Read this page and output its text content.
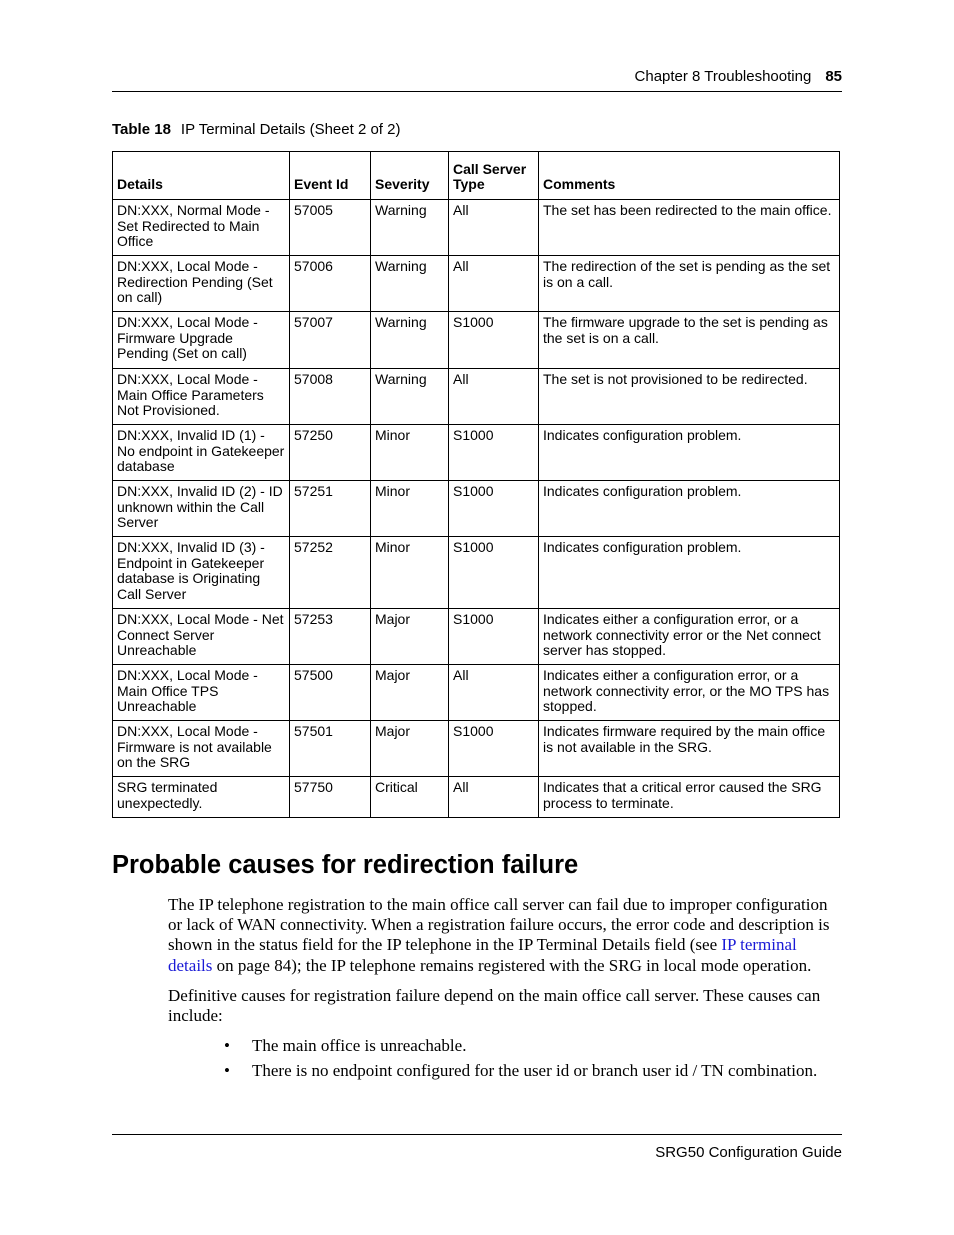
Chapter 8 Troubleshooting 85
Table 18 IP Terminal Details (Sheet 2 of 2)
Details	Event Id	Severity	Call Server Type	Comments
DN:XXX, Normal Mode - Set Redirected to Main Office	57005	Warning	All	The set has been redirected to the main office.
DN:XXX, Local Mode - Redirection Pending (Set on call)	57006	Warning	All	The redirection of the set is pending as the set is on a call.
DN:XXX, Local Mode - Firmware Upgrade Pending (Set on call)	57007	Warning	S1000	The firmware upgrade to the set is pending as the set is on a call.
DN:XXX, Local Mode - Main Office Parameters Not Provisioned.	57008	Warning	All	The set is not provisioned to be redirected.
DN:XXX, Invalid ID (1) - No endpoint in Gatekeeper database	57250	Minor	S1000	Indicates configuration problem.
DN:XXX, Invalid ID (2) - ID unknown within the Call Server	57251	Minor	S1000	Indicates configuration problem.
DN:XXX, Invalid ID (3) - Endpoint in Gatekeeper database is Originating Call Server	57252	Minor	S1000	Indicates configuration problem.
DN:XXX, Local Mode - Net Connect Server Unreachable	57253	Major	S1000	Indicates either a configuration error, or a network connectivity error or the Net connect server has stopped.
DN:XXX, Local Mode - Main Office TPS Unreachable	57500	Major	All	Indicates either a configuration error, or a network connectivity error, or the MO TPS has stopped.
DN:XXX, Local Mode - Firmware is not available on the SRG	57501	Major	S1000	Indicates firmware required by the main office is not available in the SRG.
SRG terminated unexpectedly.	57750	Critical	All	Indicates that a critical error caused the SRG process to terminate.
Probable causes for redirection failure

The IP telephone registration to the main office call server can fail due to improper configuration or lack of WAN connectivity. When a registration failure occurs, the error code and description is shown in the status field for the IP telephone in the IP Terminal Details field (see IP terminal details on page 84); the IP telephone remains registered with the SRG in local mode operation.

Definitive causes for registration failure depend on the main office call server. These causes can include:

• The main office is unreachable.

• There is no endpoint configured for the user id or branch user id / TN combination.

SRG50 Configuration Guide
